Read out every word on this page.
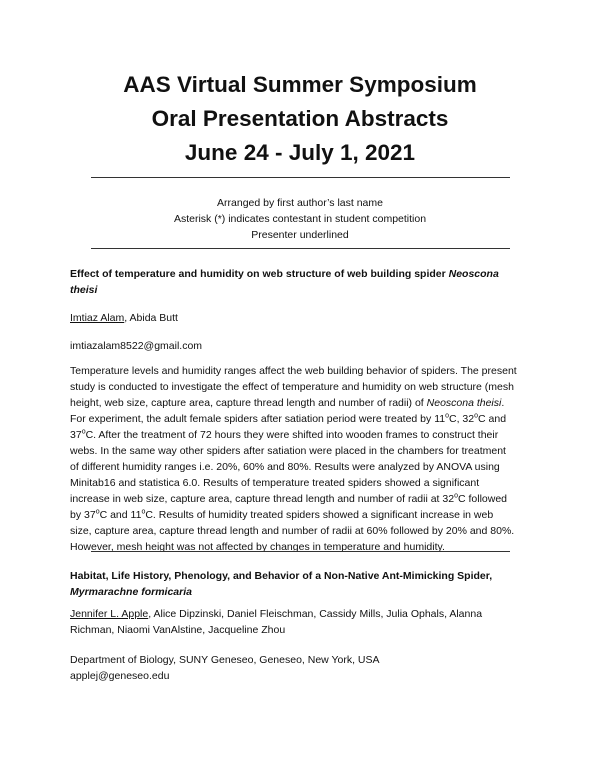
AAS Virtual Summer Symposium
Oral Presentation Abstracts
June 24 - July 1, 2021
Arranged by first author’s last name
Asterisk (*) indicates contestant in student competition
Presenter underlined
Effect of temperature and humidity on web structure of web building spider Neoscona
theisi
Imtiaz Alam, Abida Butt
imtiazalam8522@gmail.com
Temperature levels and humidity ranges affect the web building behavior of spiders. The present
study is conducted to investigate the effect of temperature and humidity on web structure (mesh
height, web size, capture area, capture thread length and number of radii) of Neoscona theisi.
For experiment, the adult female spiders after satiation period were treated by 11$^o$C, 32$^o$C and
37$^o$C. After the treatment of 72 hours they were shifted into wooden frames to construct their
webs. In the same way other spiders after satiation were placed in the chambers for treatment
of different humidity ranges i.e. 20%, 60% and 80%. Results were analyzed by ANOVA using
Minitab16 and statistica 6.0. Results of temperature treated spiders showed a significant
increase in web size, capture area, capture thread length and number of radii at 32$^o$C followed
by 37$^o$C and 11$^o$C. Results of humidity treated spiders showed a significant increase in web
size, capture area, capture thread length and number of radii at 60% followed by 20% and 80%.
However, mesh height was not affected by changes in temperature and humidity.
Habitat, Life History, Phenology, and Behavior of a Non-Native Ant-Mimicking Spider,
Myrmarachne formicaria
Jennifer L. Apple, Alice Dipzinski, Daniel Fleischman, Cassidy Mills, Julia Ophals, Alanna
Richman, Niaomi VanAlstine, Jacqueline Zhou
Department of Biology, SUNY Geneseo, Geneseo, New York, USA
applej@geneseo.edu
